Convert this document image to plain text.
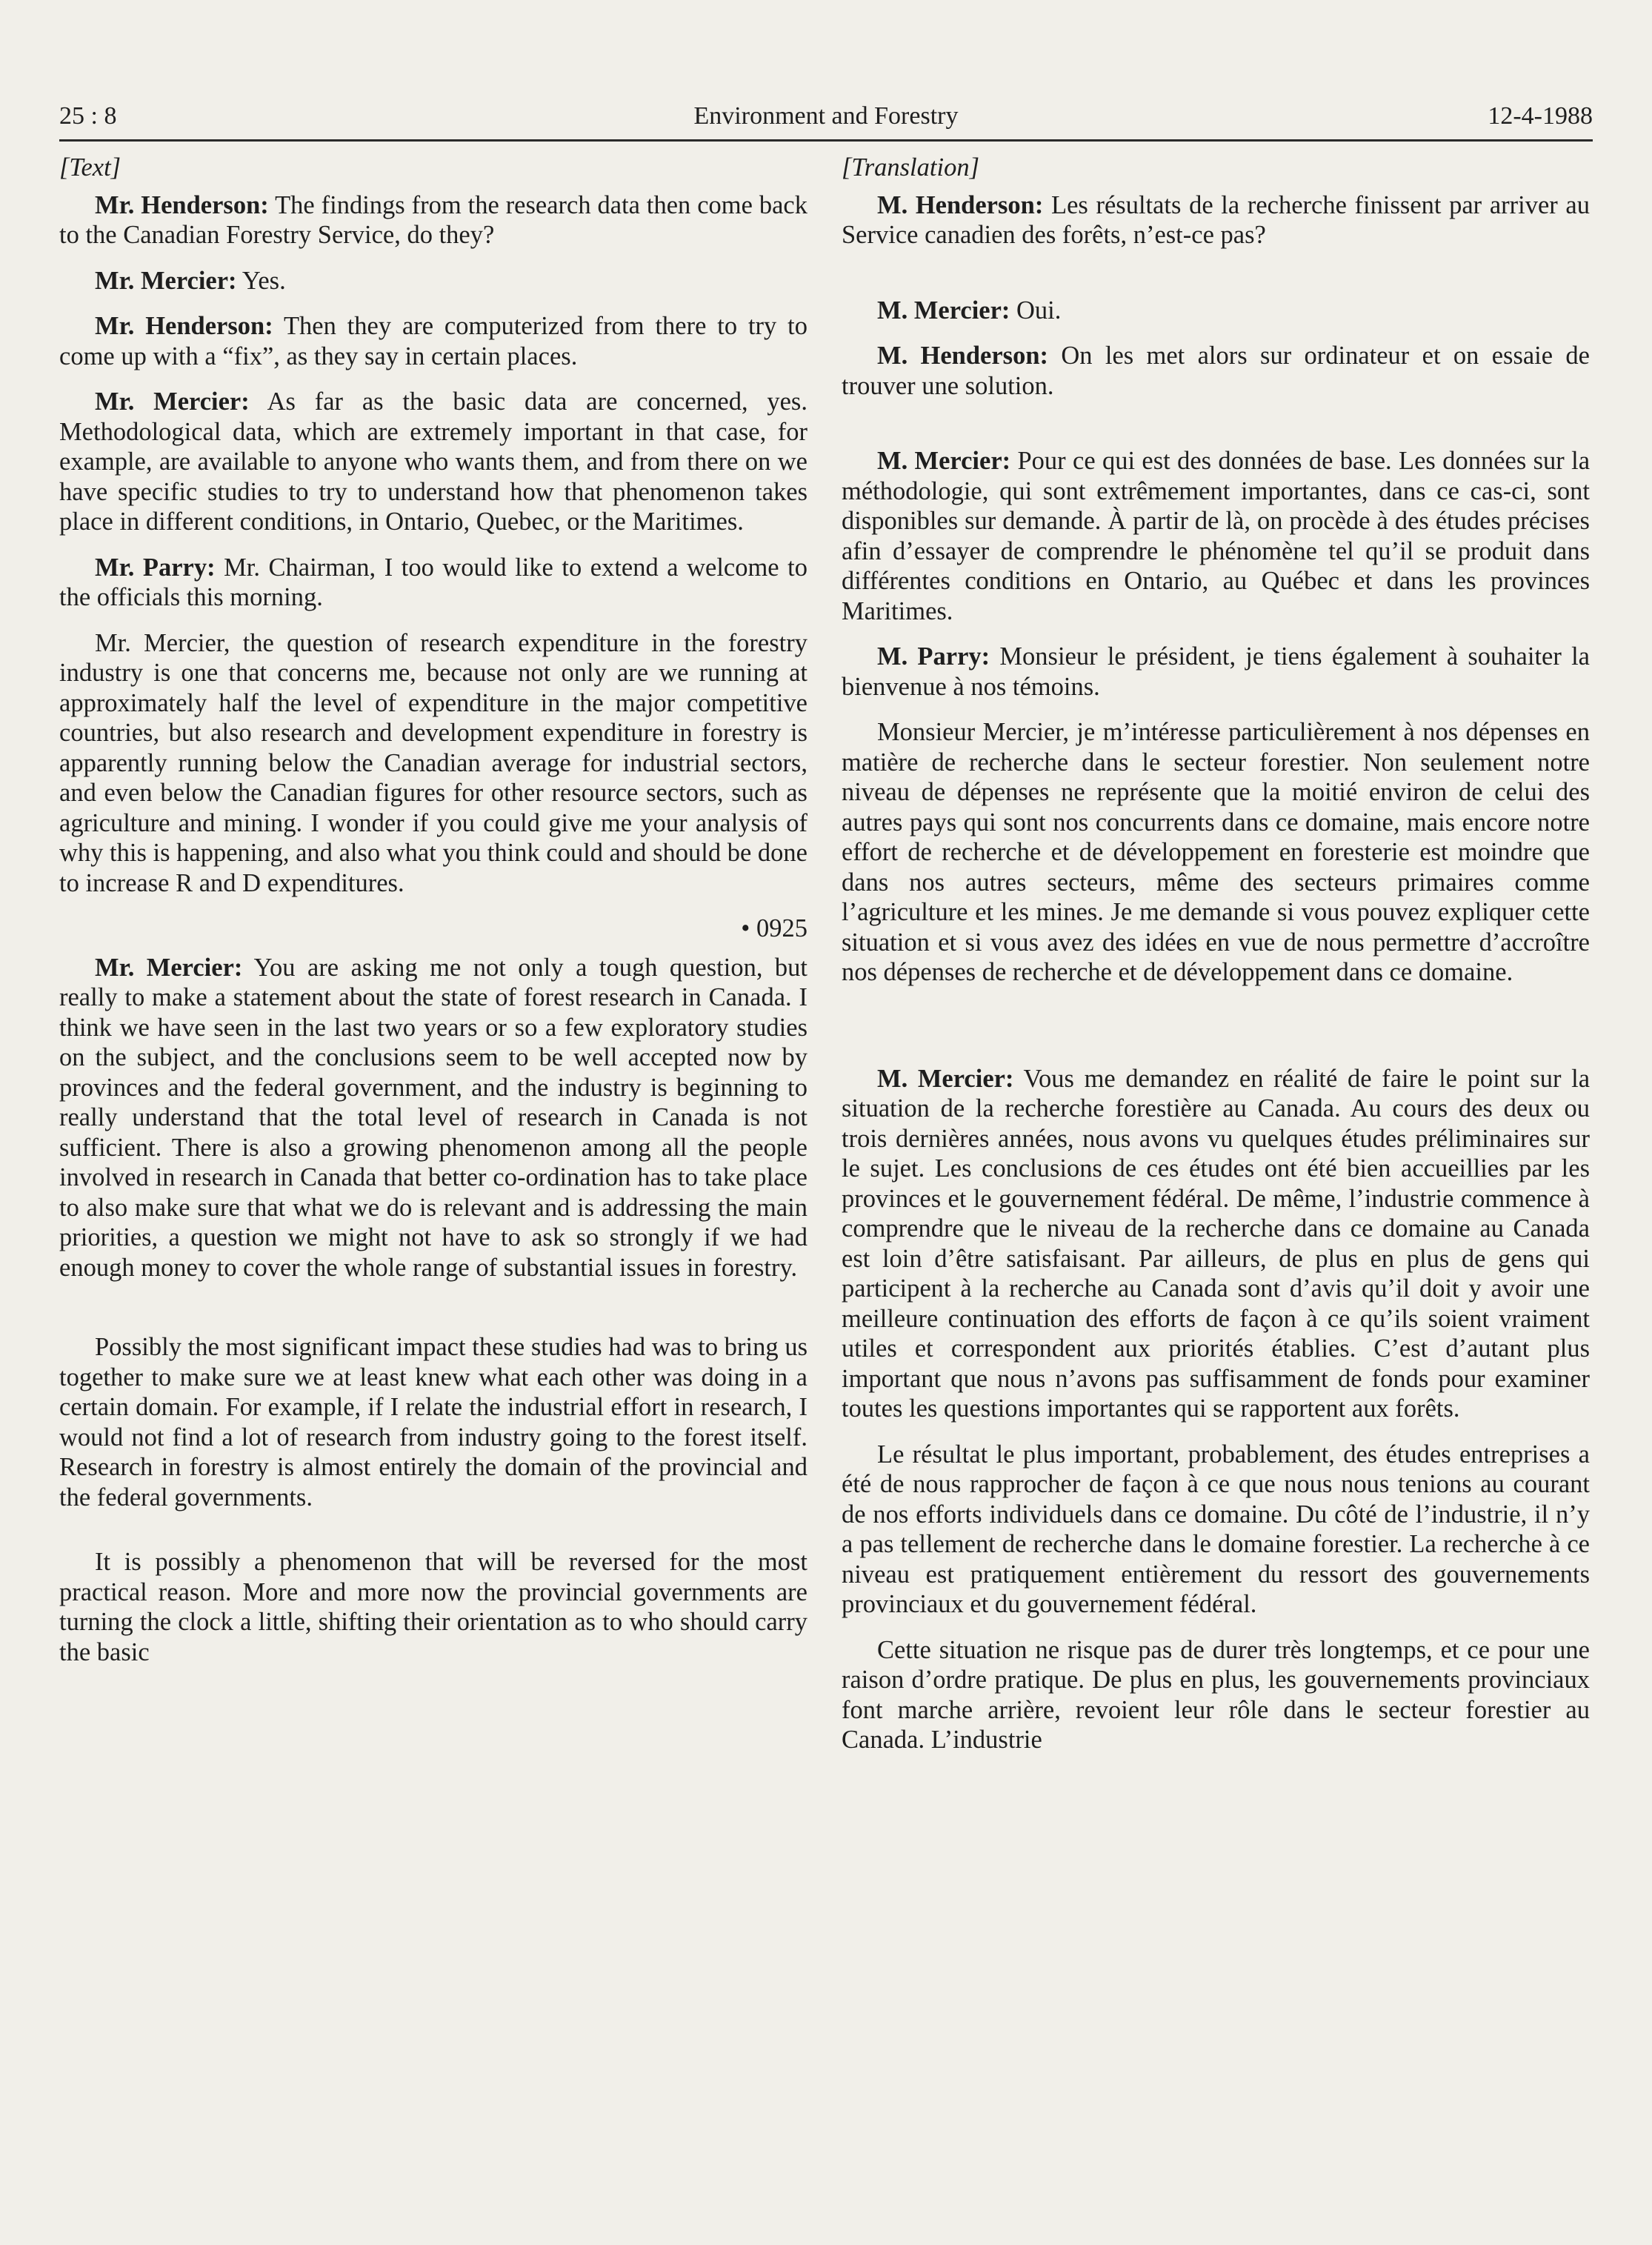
25 : 8	Environment and Forestry	12-4-1988

[Text]

Mr. Henderson: The findings from the research data then come back to the Canadian Forestry Service, do they?

Mr. Mercier: Yes.

Mr. Henderson: Then they are computerized from there to try to come up with a “fix”, as they say in certain places.

Mr. Mercier: As far as the basic data are concerned, yes. Methodological data, which are extremely important in that case, for example, are available to anyone who wants them, and from there on we have specific studies to try to understand how that phenomenon takes place in different conditions, in Ontario, Quebec, or the Maritimes.

Mr. Parry: Mr. Chairman, I too would like to extend a welcome to the officials this morning.

Mr. Mercier, the question of research expenditure in the forestry industry is one that concerns me, because not only are we running at approximately half the level of expenditure in the major competitive countries, but also research and development expenditure in forestry is apparently running below the Canadian average for industrial sectors, and even below the Canadian figures for other resource sectors, such as agriculture and mining. I wonder if you could give me your analysis of why this is happening, and also what you think could and should be done to increase R and D expenditures.

• 0925

Mr. Mercier: You are asking me not only a tough question, but really to make a statement about the state of forest research in Canada. I think we have seen in the last two years or so a few exploratory studies on the subject, and the conclusions seem to be well accepted now by provinces and the federal government, and the industry is beginning to really understand that the total level of research in Canada is not sufficient. There is also a growing phenomenon among all the people involved in research in Canada that better co-ordination has to take place to also make sure that what we do is relevant and is addressing the main priorities, a question we might not have to ask so strongly if we had enough money to cover the whole range of substantial issues in forestry.

Possibly the most significant impact these studies had was to bring us together to make sure we at least knew what each other was doing in a certain domain. For example, if I relate the industrial effort in research, I would not find a lot of research from industry going to the forest itself. Research in forestry is almost entirely the domain of the provincial and the federal governments.

It is possibly a phenomenon that will be reversed for the most practical reason. More and more now the provincial governments are turning the clock a little, shifting their orientation as to who should carry the basic

[Translation]

M. Henderson: Les résultats de la recherche finissent par arriver au Service canadien des forêts, n’est-ce pas?

M. Mercier: Oui.

M. Henderson: On les met alors sur ordinateur et on essaie de trouver une solution.

M. Mercier: Pour ce qui est des données de base. Les données sur la méthodologie, qui sont extrêmement importantes, dans ce cas-ci, sont disponibles sur demande. À partir de là, on procède à des études précises afin d’essayer de comprendre le phénomène tel qu’il se produit dans différentes conditions en Ontario, au Québec et dans les provinces Maritimes.

M. Parry: Monsieur le président, je tiens également à souhaiter la bienvenue à nos témoins.

Monsieur Mercier, je m’intéresse particulièrement à nos dépenses en matière de recherche dans le secteur forestier. Non seulement notre niveau de dépenses ne représente que la moitié environ de celui des autres pays qui sont nos concurrents dans ce domaine, mais encore notre effort de recherche et de développement en foresterie est moindre que dans nos autres secteurs, même des secteurs primaires comme l’agriculture et les mines. Je me demande si vous pouvez expliquer cette situation et si vous avez des idées en vue de nous permettre d’accroître nos dépenses de recherche et de développement dans ce domaine.

M. Mercier: Vous me demandez en réalité de faire le point sur la situation de la recherche forestière au Canada. Au cours des deux ou trois dernières années, nous avons vu quelques études préliminaires sur le sujet. Les conclusions de ces études ont été bien accueillies par les provinces et le gouvernement fédéral. De même, l’industrie commence à comprendre que le niveau de la recherche dans ce domaine au Canada est loin d’être satisfaisant. Par ailleurs, de plus en plus de gens qui participent à la recherche au Canada sont d’avis qu’il doit y avoir une meilleure continuation des efforts de façon à ce qu’ils soient vraiment utiles et correspondent aux priorités établies. C’est d’autant plus important que nous n’avons pas suffisamment de fonds pour examiner toutes les questions importantes qui se rapportent aux forêts.

Le résultat le plus important, probablement, des études entreprises a été de nous rapprocher de façon à ce que nous nous tenions au courant de nos efforts individuels dans ce domaine. Du côté de l’industrie, il n’y a pas tellement de recherche dans le domaine forestier. La recherche à ce niveau est pratiquement entièrement du ressort des gouvernements provinciaux et du gouvernement fédéral.

Cette situation ne risque pas de durer très longtemps, et ce pour une raison d’ordre pratique. De plus en plus, les gouvernements provinciaux font marche arrière, revoient leur rôle dans le secteur forestier au Canada. L’industrie
